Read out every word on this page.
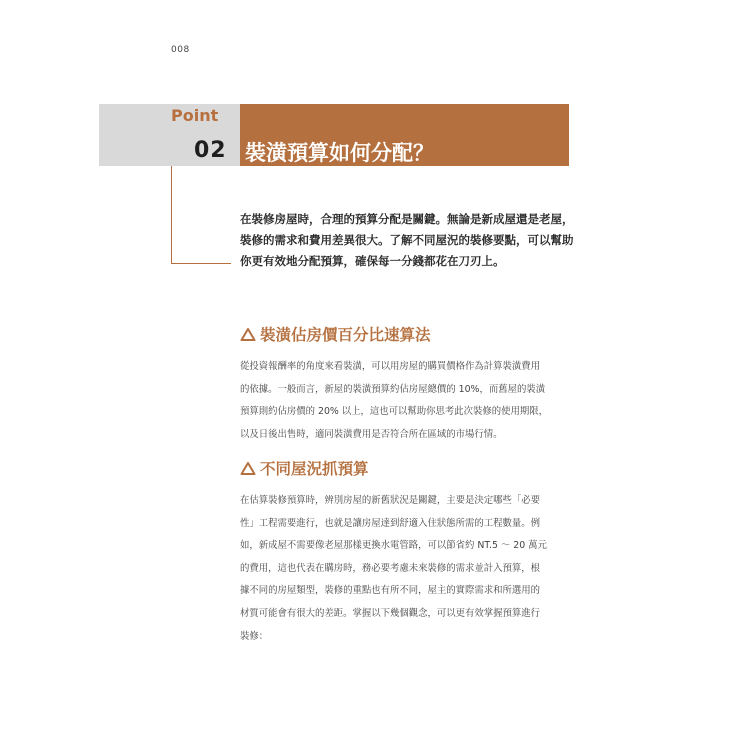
008
Point
02 裝潢預算如何分配？
在裝修房屋時，合理的預算分配是關鍵。無論是新成屋還是老屋，
裝修的需求和費用差異很大。了解不同屋況的裝修要點，可以幫助
你更有效地分配預算，確保每一分錢都花在刀刃上。
裝潢佔房價百分比速算法
從投資報酬率的角度來看裝潢，可以用房屋的購買價格作為計算裝潢費用
的依據。一般而言，新屋的裝潢預算約佔房屋總價的 10%，而舊屋的裝潢
預算則約佔房價的 20% 以上，這也可以幫助你思考此次裝修的使用期限，
以及日後出售時，適同裝潢費用是否符合所在區域的市場行情。
不同屋況抓預算
在估算裝修預算時，辨別房屋的新舊狀況是關鍵，主要是決定哪些「必要
性」工程需要進行，也就是讓房屋達到舒適入住狀態所需的工程數量。例
如，新成屋不需要像老屋那樣更換水電管路，可以節省約 NT.5 ～ 20 萬元
的費用，這也代表在購房時，務必要考慮未來裝修的需求並計入預算，根
據不同的房屋類型，裝修的重點也有所不同，屋主的實際需求和所選用的
材質可能會有很大的差距。掌握以下幾個觀念，可以更有效掌握預算進行
裝修：
